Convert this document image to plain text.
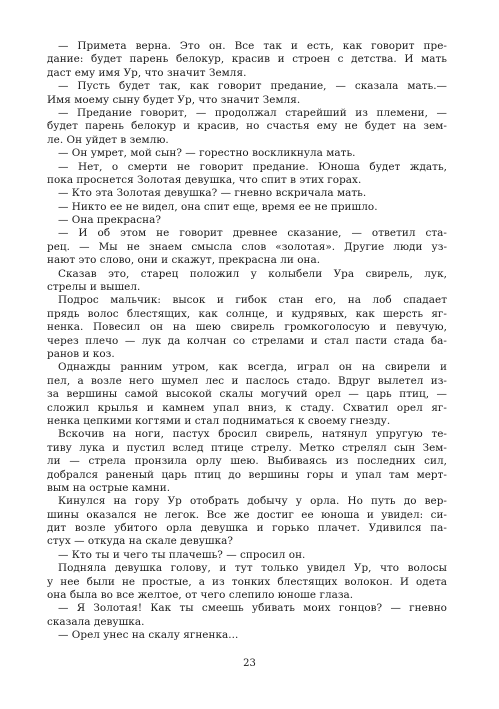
— Примета верна. Это он. Все так и есть, как говорит пре-
дание: будет парень белокур, красив и строен с детства. И мать
даст ему имя Ур, что значит Земля.
— Пусть будет так, как говорит предание, — сказала мать.—
Имя моему сыну будет Ур, что значит Земля.
— Предание говорит, — продолжал старейший из племени, —
будет парень белокур и красив, но счастья ему не будет на зем-
ле. Он уйдет в землю.
— Он умрет, мой сын? — горестно воскликнула мать.
— Нет, о смерти не говорит предание. Юноша будет ждать,
пока проснется Золотая девушка, что спит в этих горах.
— Кто эта Золотая девушка? — гневно вскричала мать.
— Никто ее не видел, она спит еще, время ее не пришло.
— Она прекрасна?
— И об этом не говорит древнее сказание, — ответил ста-
рец. — Мы не знаем смысла слов «золотая». Другие люди уз-
нают это слово, они и скажут, прекрасна ли она.
Сказав это, старец положил у колыбели Ура свирель, лук,
стрелы и вышел.
Подрос мальчик: высок и гибок стан его, на лоб спадает
прядь волос блестящих, как солнце, и кудрявых, как шерсть яг-
ненка. Повесил он на шею свирель громкоголосую и певучую,
через плечо — лук да колчан со стрелами и стал пасти стада ба-
ранов и коз.
Однажды ранним утром, как всегда, играл он на свирели и
пел, а возле него шумел лес и паслось стадо. Вдруг вылетел из-
за вершины самой высокой скалы могучий орел — царь птиц, —
сложил крылья и камнем упал вниз, к стаду. Схватил орел яг-
ненка цепкими когтями и стал подниматься к своему гнезду.
Вскочив на ноги, пастух бросил свирель, натянул упругую те-
тиву лука и пустил вслед птице стрелу. Метко стрелял сын Зем-
ли — стрела пронзила орлу шею. Выбиваясь из последних сил,
добрался раненый царь птиц до вершины горы и упал там мерт-
вым на острые камни.
Кинулся на гору Ур отобрать добычу у орла. Но путь до вер-
шины оказался не легок. Все же достиг ее юноша и увидел: си-
дит возле убитого орла девушка и горько плачет. Удивился па-
стух — откуда на скале девушка?
— Кто ты и чего ты плачешь? — спросил он.
Подняла девушка голову, и тут только увидел Ур, что волосы
у нее были не простые, а из тонких блестящих волокон. И одета
она была во все желтое, от чего слепило юноше глаза.
— Я Золотая! Как ты смеешь убивать моих гонцов? — гневно
сказала девушка.
— Орел унес на скалу ягненка...
23
